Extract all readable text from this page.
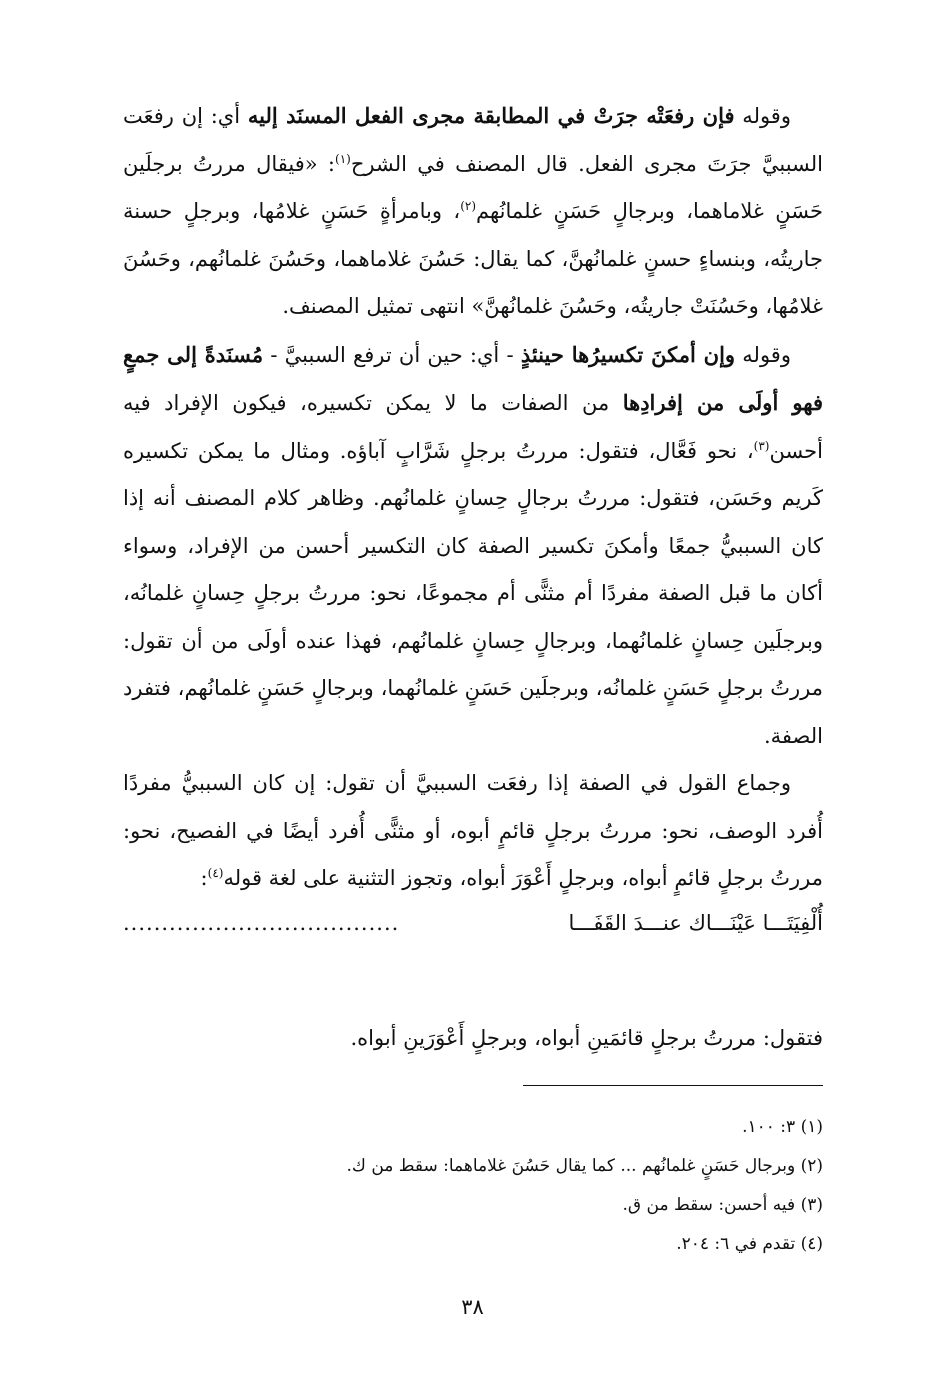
وقوله فإن رفعَتْه جرَتْ في المطابقة مجرى الفعل المسنَد إليه أي: إن رفعَت السببيَّ جرَتَ مجرى الفعل. قال المصنف في الشرح$^{(١)}$: «فيقال مررتُ برجلَين حَسَنٍ غلاماهما، وبرجالٍ حَسَنٍ غلمانُهم$^{(٢)}$، وبامرأةٍ حَسَنٍ غلامُها، وبرجلٍ حسنة جاريتُه، وبنساءٍ حسنٍ غلمانُهنَّ، كما يقال: حَسُنَ غلاماهما، وحَسُنَ غلمانُهم، وحَسُنَ غلامُها، وحَسُنَتْ جاريتُه، وحَسُنَ غلمانُهنَّ» انتهى تمثيل المصنف.

وقوله وإن أمكنَ تكسيرُها حينئذٍ - أي: حين أن ترفع السببيَّ - مُسنَدةً إلى جمعٍ فهو أولَى من إفرادِها من الصفات ما لا يمكن تكسيره، فيكون الإفراد فيه أحسن$^{(٣)}$، نحو فَعَّال، فتقول: مررتُ برجلٍ شَرَّابٍ آباؤه. ومثال ما يمكن تكسيره كَريم وحَسَن، فتقول: مررتُ برجالٍ حِسانٍ غلمانُهم. وظاهر كلام المصنف أنه إذا كان السببيُّ جمعًا وأمكنَ تكسير الصفة كان التكسير أحسن من الإفراد، وسواء أكان ما قبل الصفة مفردًا أم مثنًّى أم مجموعًا، نحو: مررتُ برجلٍ حِسانٍ غلمانُه، وبرجلَين حِسانٍ غلمانُهما، وبرجالٍ حِسانٍ غلمانُهم، فهذا عنده أولَى من أن تقول: مررتُ برجلٍ حَسَنٍ غلمانُه، وبرجلَين حَسَنٍ غلمانُهما، وبرجالٍ حَسَنٍ غلمانُهم، فتفرد الصفة.

وجماع القول في الصفة إذا رفعَت السببيَّ أن تقول: إن كان السببيُّ مفردًا أُفرد الوصف، نحو: مررتُ برجلٍ قائمٍ أبوه، أو مثنًّى أُفرد أيضًا في الفصيح، نحو: مررتُ برجلٍ قائمٍ أبواه، وبرجلٍ أَعْوَرَ أبواه، وتجوز التثنية على لغة قوله$^{(٤)}$:

أُلْفِيَتَـــا عَيْنَـــاك عنـــدَ القَفَـــا
....................................

فتقول: مررتُ برجلٍ قائمَينِ أبواه، وبرجلٍ أَعْوَرَينِ أبواه.

(١) ٣: ١٠٠.

(٢) وبرجال حَسَنٍ غلمانُهم ... كما يقال حَسُنَ غلاماهما: سقط من ك.

(٣) فيه أحسن: سقط من ق.

(٤) تقدم في ٦: ٢٠٤.

٣٨
